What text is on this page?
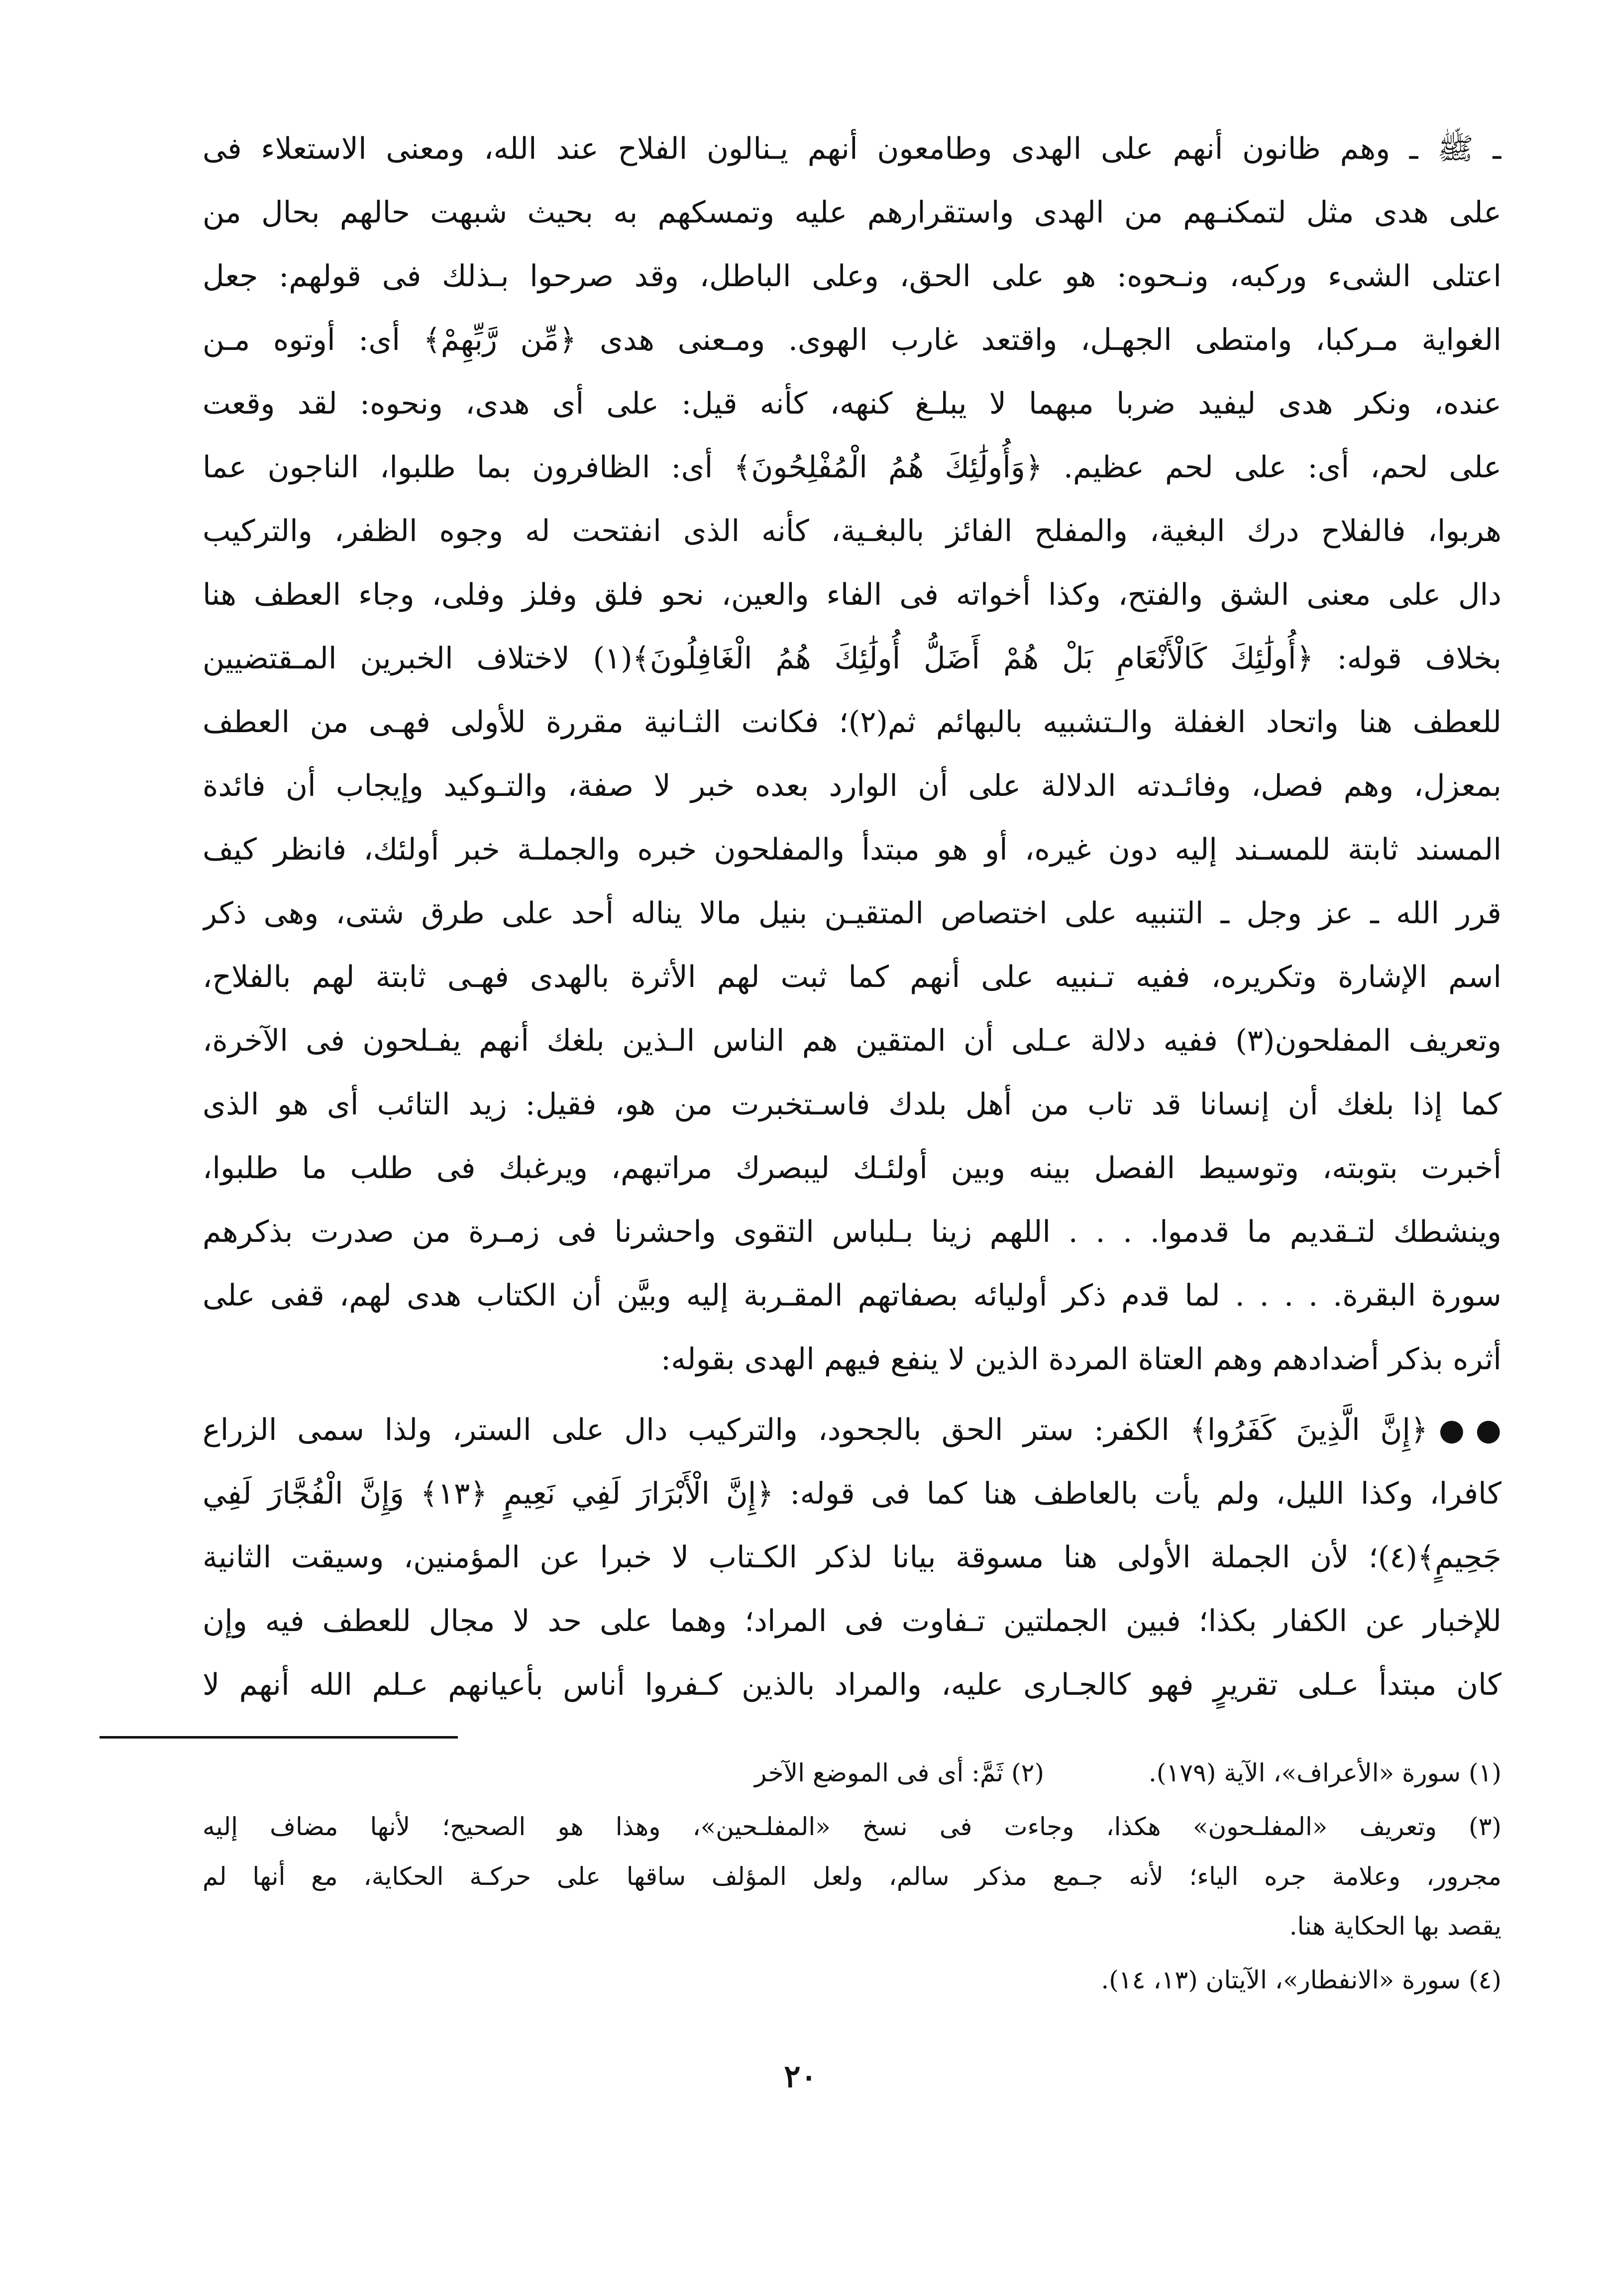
ـ ﷺ ـ وهم ظانون أنهم على الهدى وطامعون أنهم يـنالون الفلاح عند الله، ومعنى الاستعلاء فى
على هدى مثل لتمكنـهم من الهدى واستقرارهم عليه وتمسكهم به بحيث شبهت حالهم بحال من
اعتلى الشىء وركبه، ونـحوه: هو على الحق، وعلى الباطل، وقد صرحوا بـذلك فى قولهم: جعل
الغواية مـركبا، وامتطى الجهـل، واقتعد غارب الهوى. ومـعنى هدى ﴿مِّن رَّبِّهِمْ﴾ أى: أوتوه مـن
عنده، ونكر هدى ليفيد ضربا مبهما لا يبلـغ كنهه، كأنه قيل: على أى هدى، ونحوه: لقد وقعت
على لحم، أى: على لحم عظيم. ﴿وَأُولَٰئِكَ هُمُ الْمُفْلِحُونَ﴾ أى: الظافرون بما طلبوا، الناجون عما
هربوا، فالفلاح درك البغية، والمفلح الفائز بالبغـية، كأنه الذى انفتحت له وجوه الظفر، والتركيب
دال على معنى الشق والفتح، وكذا أخواته فى الفاء والعين، نحو فلق وفلز وفلى، وجاء العطف هنا
بخلاف قوله: ﴿أُولَٰئِكَ كَالْأَنْعَامِ بَلْ هُمْ أَضَلُّ أُولَٰئِكَ هُمُ الْغَافِلُونَ﴾(١) لاختلاف الخبرين المـقتضيين
للعطف هنا واتحاد الغفلة والـتشبيه بالبهائم ثم(٢)؛ فكانت الثـانية مقررة للأولى فهـى من العطف
بمعزل، وهم فصل، وفائـدته الدلالة على أن الوارد بعده خبر لا صفة، والتـوكيد وإيجاب أن فائدة
المسند ثابتة للمسـند إليه دون غيره، أو هو مبتدأ والمفلحون خبره والجملـة خبر أولئك، فانظر كيف
قرر الله ـ عز وجل ـ التنبيه على اختصاص المتقيـن بنيل مالا يناله أحد على طرق شتى، وهى ذكر
اسم الإشارة وتكريره، ففيه تـنبيه على أنهم كما ثبت لهم الأثرة بالهدى فهـى ثابتة لهم بالفلاح،
وتعريف المفلحون(٣) ففيه دلالة عـلى أن المتقين هم الناس الـذين بلغك أنهم يفـلحون فى الآخرة،
كما إذا بلغك أن إنسانا قد تاب من أهل بلدك فاسـتخبرت من هو، فقيل: زيد التائب أى هو الذى
أخبرت بتوبته، وتوسيط الفصل بينه وبين أولئـك ليبصرك مراتبهم، ويرغبك فى طلب ما طلبوا،
وينشطك لتـقديم ما قدموا. . . . اللهم زينا بـلباس التقوى واحشرنا فى زمـرة من صدرت بذكرهم
سورة البقرة. . . . . لما قدم ذكر أوليائه بصفاتهم المقـربة إليه وبيَّن أن الكتاب هدى لهم، قفى على
أثره بذكر أضدادهم وهم العتاة المردة الذين لا ينفع فيهم الهدى بقوله:
●●﴿إِنَّ الَّذِينَ كَفَرُوا﴾ الكفر: ستر الحق بالجحود، والتركيب دال على الستر، ولذا سمى الزراع
كافرا، وكذا الليل، ولم يأت بالعاطف هنا كما فى قوله: ﴿إِنَّ الْأَبْرَارَ لَفِي نَعِيمٍ ﴿١٣﴾ وَإِنَّ الْفُجَّارَ لَفِي
جَحِيمٍ﴾(٤)؛ لأن الجملة الأولى هنا مسوقة بيانا لذكر الكـتاب لا خبرا عن المؤمنين، وسيقت الثانية
للإخبار عن الكفار بكذا؛ فبين الجملتين تـفاوت فى المراد؛ وهما على حد لا مجال للعطف فيه وإن
كان مبتدأ عـلى تقريرٍ فهو كالجـارى عليه، والمراد بالذين كـفروا أناس بأعيانهم عـلم الله أنهم لا
(١) سورة «الأعراف»، الآية (١٧٩).
(٢) ثَمَّ: أى فى الموضع الآخر
(٣) وتعريف «المفلـحون» هكذا، وجاءت فى نسخ «المفلـحين»، وهذا هو الصحيح؛ لأنها مضاف إليه
مجرور، وعلامة جره الياء؛ لأنه جـمع مذكر سالم، ولعل المؤلف ساقها على حركـة الحكاية، مع أنها لم
يقصد بها الحكاية هنا.
(٤) سورة «الانفطار»، الآيتان (١٣، ١٤).
٢٠
